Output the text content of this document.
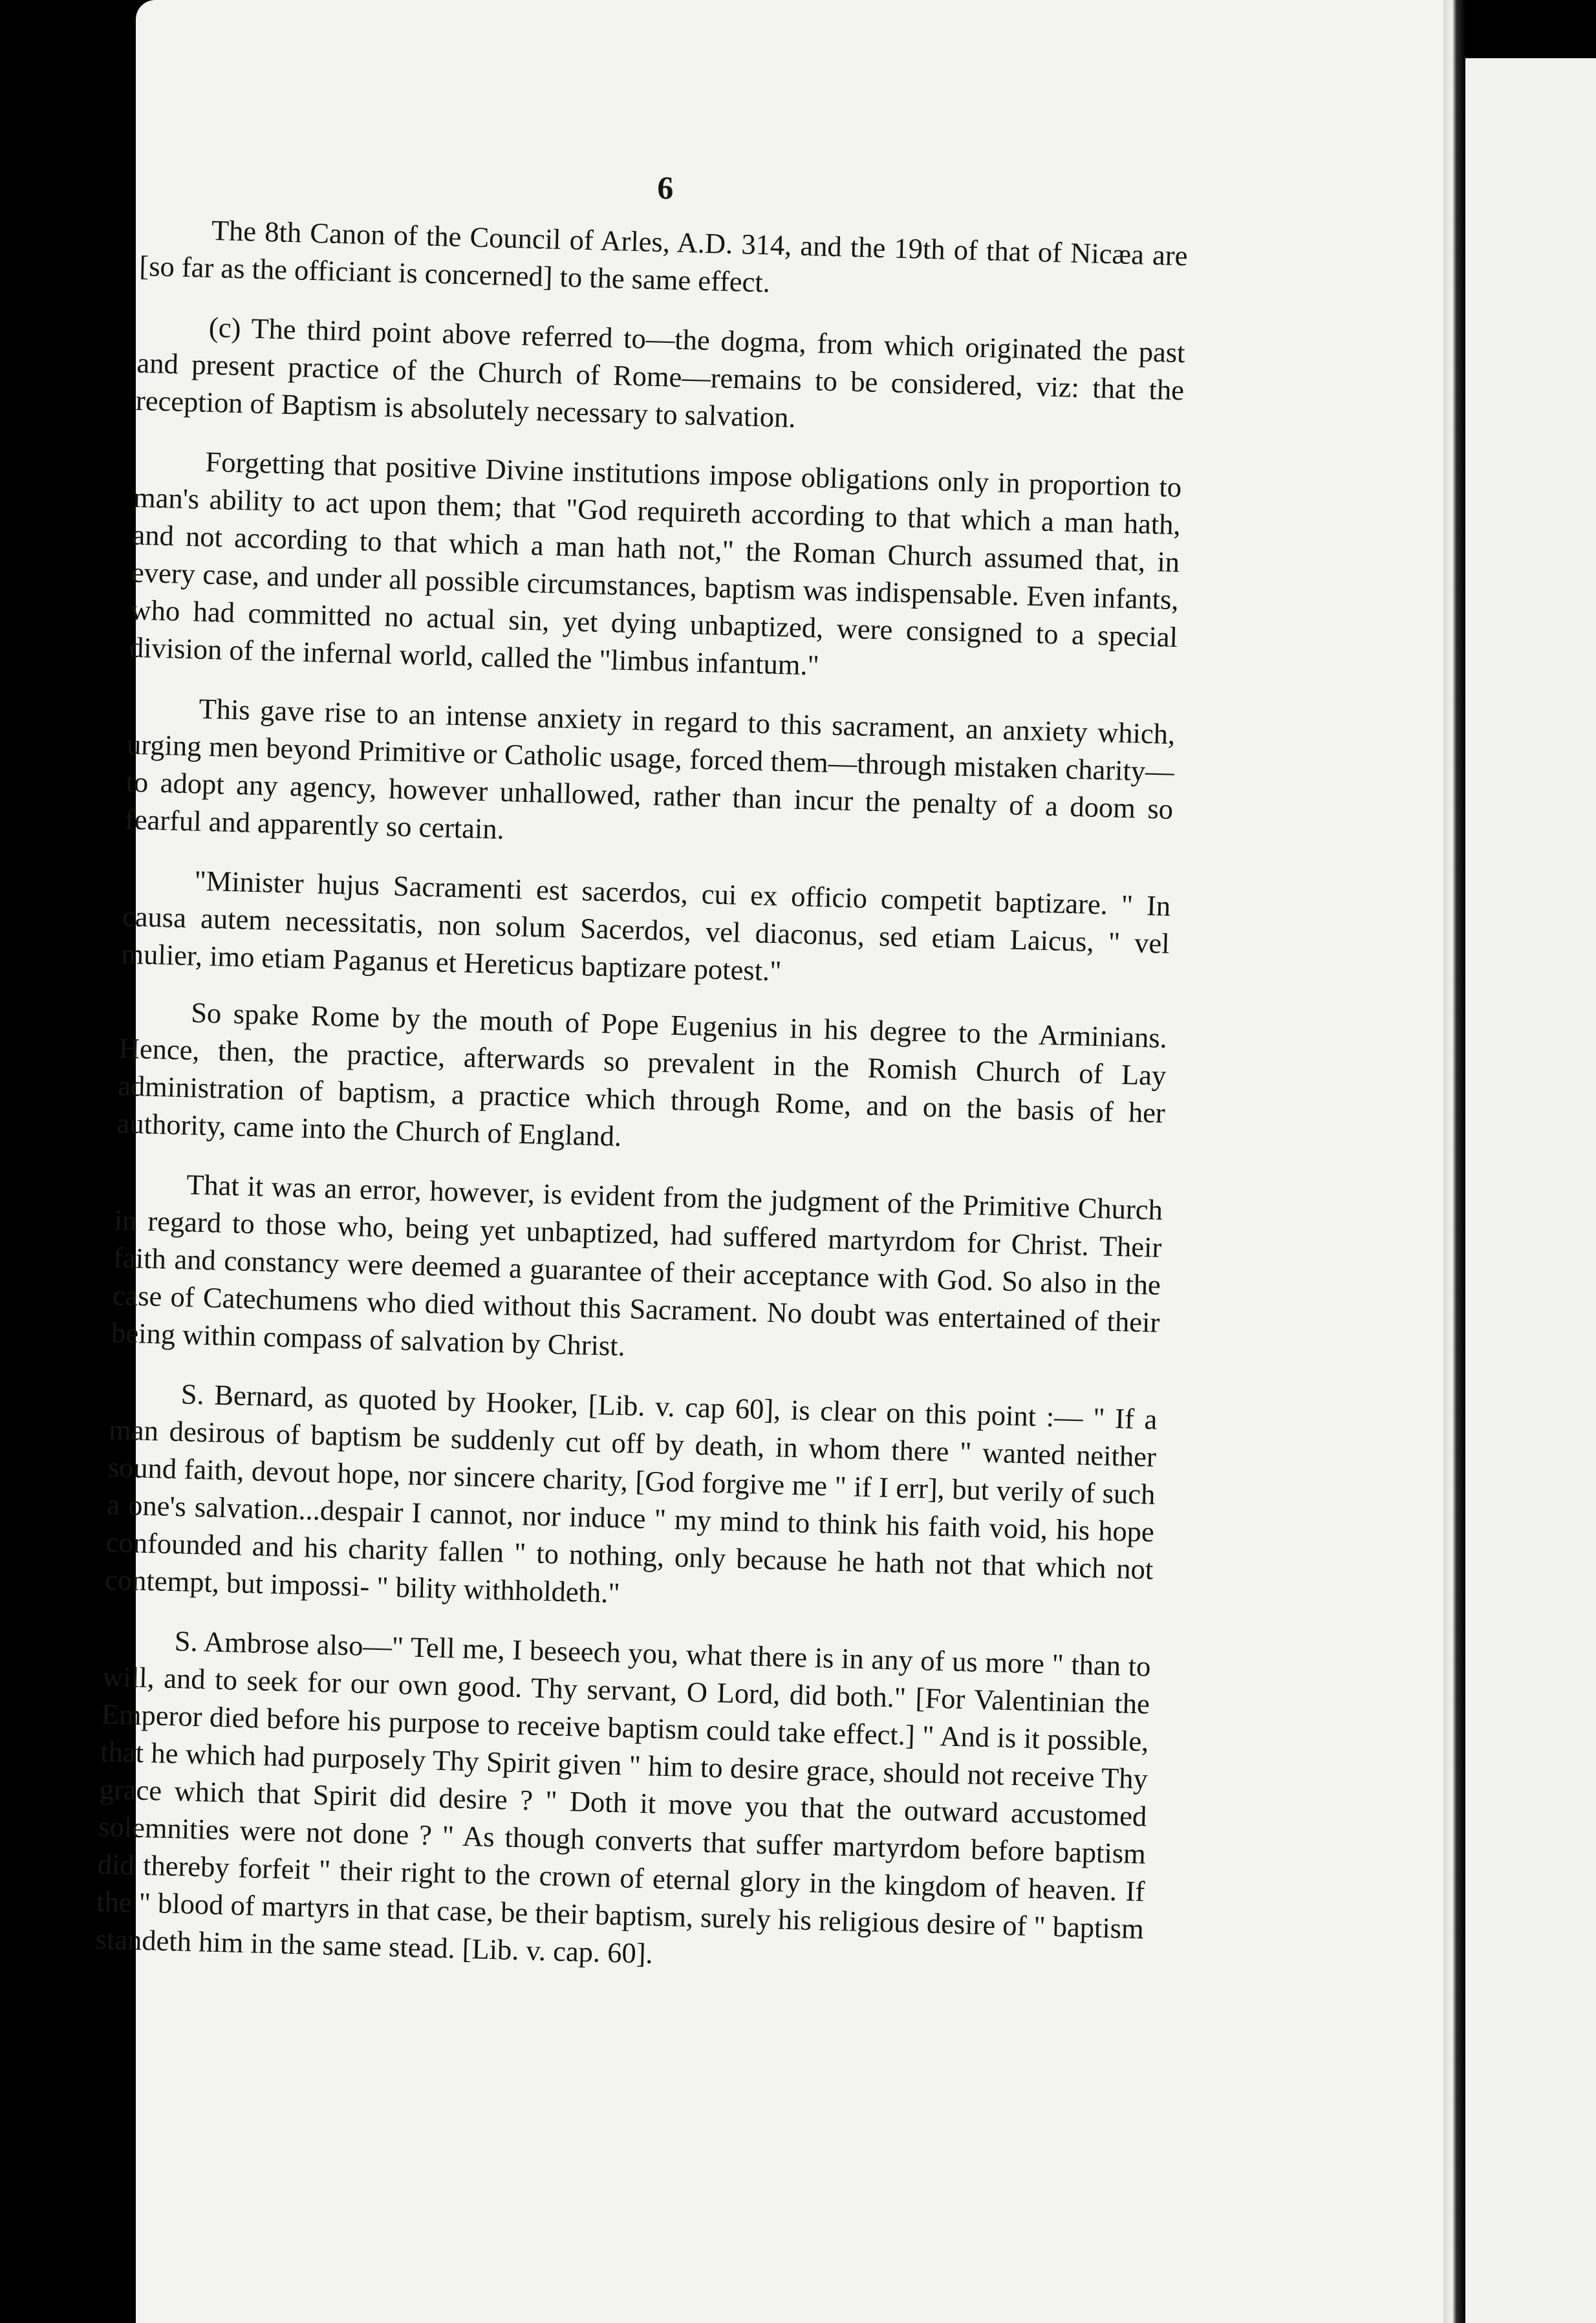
6

The 8th Canon of the Council of Arles, A.D. 314, and the 19th of that of Nicæa are [so far as the officiant is concerned] to the same effect.

(c) The third point above referred to—the dogma, from which originated the past and present practice of the Church of Rome—remains to be considered, viz: that the reception of Baptism is absolutely necessary to salvation.

Forgetting that positive Divine institutions impose obligations only in proportion to man's ability to act upon them; that "God requireth according to that which a man hath, and not according to that which a man hath not," the Roman Church assumed that, in every case, and under all possible circumstances, baptism was indispensable. Even infants, who had committed no actual sin, yet dying unbaptized, were consigned to a special division of the infernal world, called the "limbus infantum."

This gave rise to an intense anxiety in regard to this sacrament, an anxiety which, urging men beyond Primitive or Catholic usage, forced them—through mistaken charity—to adopt any agency, however unhallowed, rather than incur the penalty of a doom so fearful and apparently so certain.

"Minister hujus Sacramenti est sacerdos, cui ex officio competit baptizare. " In causa autem necessitatis, non solum Sacerdos, vel diaconus, sed etiam Laicus, " vel mulier, imo etiam Paganus et Hereticus baptizare potest."

So spake Rome by the mouth of Pope Eugenius in his degree to the Arminians. Hence, then, the practice, afterwards so prevalent in the Romish Church of Lay administration of baptism, a practice which through Rome, and on the basis of her authority, came into the Church of England.

That it was an error, however, is evident from the judgment of the Primitive Church in regard to those who, being yet unbaptized, had suffered martyrdom for Christ. Their faith and constancy were deemed a guarantee of their acceptance with God. So also in the case of Catechumens who died without this Sacrament. No doubt was entertained of their being within compass of salvation by Christ.

S. Bernard, as quoted by Hooker, [Lib. v. cap 60], is clear on this point :— " If a man desirous of baptism be suddenly cut off by death, in whom there " wanted neither sound faith, devout hope, nor sincere charity, [God forgive me " if I err], but verily of such a one's salvation...despair I cannot, nor induce " my mind to think his faith void, his hope confounded and his charity fallen " to nothing, only because he hath not that which not contempt, but impossi- " bility withholdeth."

S. Ambrose also—" Tell me, I beseech you, what there is in any of us more " than to will, and to seek for our own good. Thy servant, O Lord, did both." [For Valentinian the Emperor died before his purpose to receive baptism could take effect.] " And is it possible, that he which had purposely Thy Spirit given " him to desire grace, should not receive Thy grace which that Spirit did desire ? " Doth it move you that the outward accustomed solemnities were not done ? " As though converts that suffer martyrdom before baptism did thereby forfeit " their right to the crown of eternal glory in the kingdom of heaven. If the " blood of martyrs in that case, be their baptism, surely his religious desire of " baptism standeth him in the same stead. [Lib. v. cap. 60].
